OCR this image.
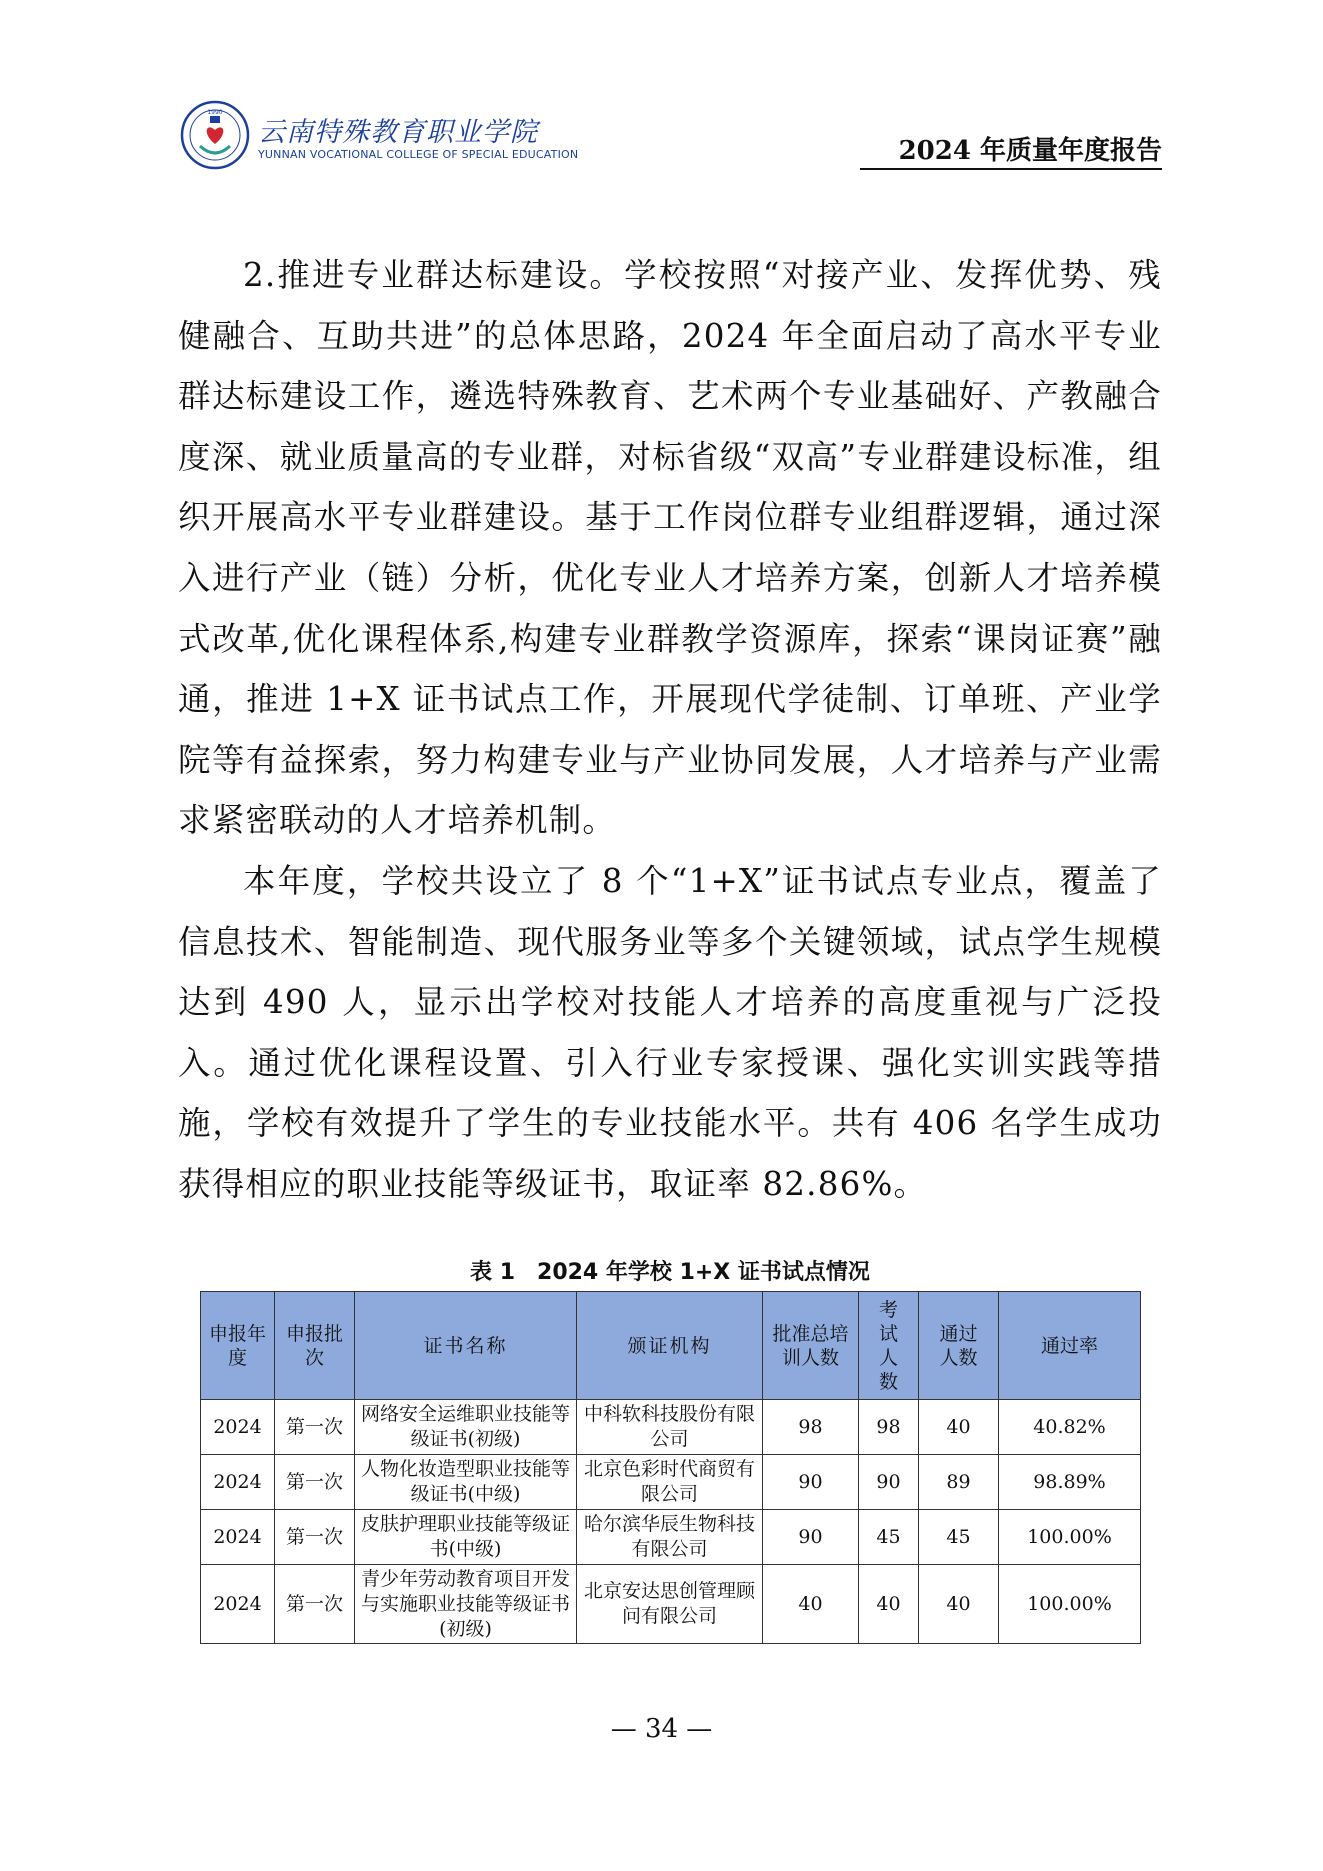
1990
云南特殊教育职业学院
YUNNAN VOCATIONAL COLLEGE OF SPECIAL EDUCATION	2024 年质量年度报告

2.推进专业群达标建设。学校按照“对接产业、发挥优势、残健融合、互助共进”的总体思路，2024 年全面启动了高水平专业群达标建设工作，遴选特殊教育、艺术两个专业基础好、产教融合度深、就业质量高的专业群，对标省级“双高”专业群建设标准，组织开展高水平专业群建设。基于工作岗位群专业组群逻辑，通过深入进行产业（链）分析，优化专业人才培养方案，创新人才培养模式改革,优化课程体系,构建专业群教学资源库，探索“课岗证赛”融通，推进 1+X 证书试点工作，开展现代学徒制、订单班、产业学院等有益探索，努力构建专业与产业协同发展，人才培养与产业需求紧密联动的人才培养机制。

本年度，学校共设立了 8 个“1+X”证书试点专业点，覆盖了信息技术、智能制造、现代服务业等多个关键领域，试点学生规模达到 490 人，显示出学校对技能人才培养的高度重视与广泛投入。通过优化课程设置、引入行业专家授课、强化实训实践等措施，学校有效提升了学生的专业技能水平。共有 406 名学生成功获得相应的职业技能等级证书，取证率 82.86%。

表 1　2024 年学校 1+X 证书试点情况
申报年度	申报批次	证书名称	颁证机构	批准总培训人数	考试人数	通过人数	通过率
2024	第一次	网络安全运维职业技能等级证书(初级)	中科软科技股份有限公司	98	98	40	40.82%
2024	第一次	人物化妆造型职业技能等级证书(中级)	北京色彩时代商贸有限公司	90	90	89	98.89%
2024	第一次	皮肤护理职业技能等级证书(中级)	哈尔滨华辰生物科技有限公司	90	45	45	100.00%
2024	第一次	青少年劳动教育项目开发与实施职业技能等级证书(初级)	北京安达思创管理顾问有限公司	40	40	40	100.00%
— 34 —
